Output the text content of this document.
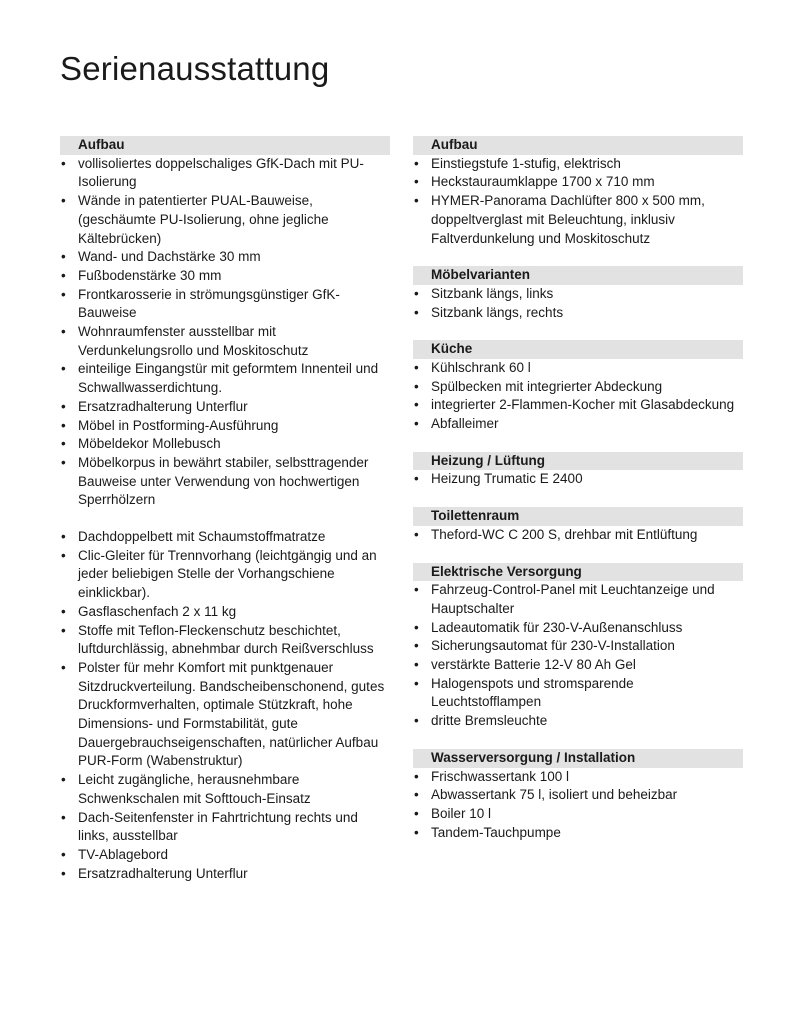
Serienausstattung
Aufbau
• vollisoliertes doppelschaliges GfK-Dach mit PU-Isolierung
• Wände in patentierter PUAL-Bauweise, (geschäumte PU-Isolierung, ohne jegliche Kältebrücken)
• Wand- und Dachstärke 30 mm
• Fußbodenstärke 30 mm
• Frontkarosserie in strömungsgünstiger GfK-Bauweise
• Wohnraumfenster ausstellbar mit Verdunkelungsrollo und Moskitoschutz
• einteilige Eingangstür mit geformtem Innenteil und Schwallwasserdichtung.
• Ersatzradhalterung Unterflur
• Möbel in Postforming-Ausführung
• Möbeldekor Mollebusch
• Möbelkorpus in bewährt stabiler, selbsttragender Bauweise unter Verwendung von hochwertigen Sperrhölzern
• Dachdoppelbett mit Schaumstoffmatratze
• Clic-Gleiter für Trennvorhang (leichtgängig und an jeder beliebigen Stelle der Vorhangschiene einklickbar).
• Gasflaschenfach 2 x 11 kg
• Stoffe mit Teflon-Fleckenschutz beschichtet, luftdurchlässig, abnehmbar durch Reißverschluss
• Polster für mehr Komfort mit punktgenauer Sitzdruckverteilung. Bandscheibenschonend, gutes Druckformverhalten, optimale Stützkraft, hohe Dimensions- und Formstabilität, gute Dauergebrauchseigenschaften, natürlicher Aufbau PUR-Form (Wabenstruktur)
• Leicht zugängliche, herausnehmbare Schwenkschalen mit Softtouch-Einsatz
• Dach-Seitenfenster in Fahrtrichtung rechts und links, ausstellbar
• TV-Ablagebord
• Ersatzradhalterung Unterflur
Aufbau
• Einstiegstufe 1-stufig, elektrisch
• Heckstauraumklappe 1700 x 710 mm
• HYMER-Panorama Dachlüfter 800 x 500 mm, doppeltverglast mit Beleuchtung, inklusiv Faltverdunkelung und Moskitoschutz
Möbelvarianten
• Sitzbank längs, links
• Sitzbank längs, rechts
Küche
• Kühlschrank 60 l
• Spülbecken mit integrierter Abdeckung
• integrierter 2-Flammen-Kocher mit Glasabdeckung
• Abfalleimer
Heizung / Lüftung
• Heizung Trumatic E 2400
Toilettenraum
• Theford-WC C 200 S, drehbar mit Entlüftung
Elektrische Versorgung
• Fahrzeug-Control-Panel mit Leuchtanzeige und Hauptschalter
• Ladeautomatik für 230-V-Außenanschluss
• Sicherungsautomat für 230-V-Installation
• verstärkte Batterie 12-V 80 Ah Gel
• Halogenspots und stromsparende Leuchtstofflampen
• dritte Bremsleuchte
Wasserversorgung / Installation
• Frischwassertank 100 l
• Abwassertank 75 l, isoliert und beheizbar
• Boiler 10 l
• Tandem-Tauchpumpe
